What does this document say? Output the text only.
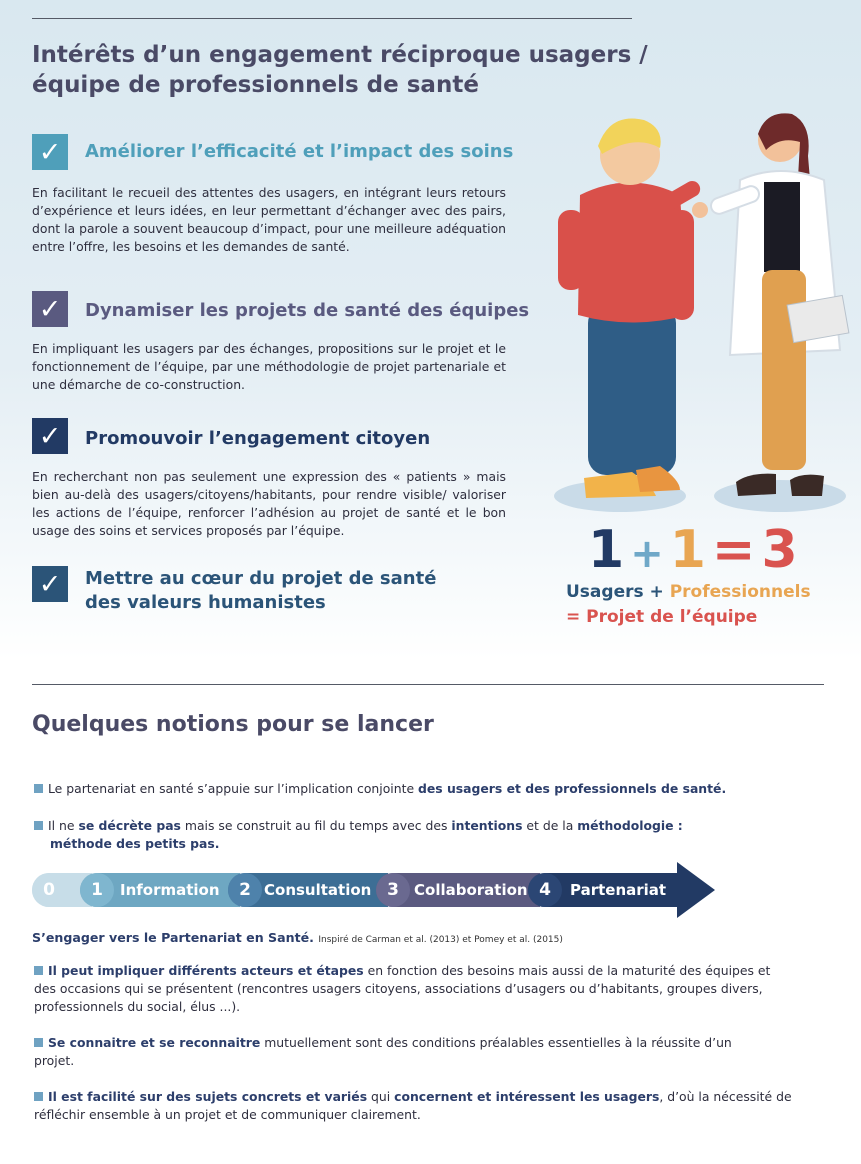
Intérêts d’un engagement réciproque usagers / équipe de professionnels de santé
✓	Améliorer l’efficacité et l’impact des soins
En facilitant le recueil des attentes des usagers, en intégrant leurs retours d’expérience et leurs idées, en leur permettant d’échanger avec des pairs, dont la parole a souvent beaucoup d’impact, pour une meilleure adéquation entre l’offre, les besoins et les demandes de santé.
✓	Dynamiser les projets de santé des équipes
En impliquant les usagers par des échanges, propositions sur le projet et le fonctionnement de l’équipe, par une méthodologie de projet partenariale et une démarche de co-construction.
✓	Promouvoir l’engagement citoyen
En recherchant non pas seulement une expression des « patients » mais bien au-delà des usagers/citoyens/habitants, pour rendre visible/ valoriser les actions de l’équipe, renforcer l’adhésion au projet de santé et le bon usage des soins et services proposés par l’équipe.
✓	Mettre au cœur du projet de santé
des valeurs humanistes
1+1=3
Usagers + Professionnels
= Projet de l’équipe
Quelques notions pour se lancer
Le partenariat en santé s’appuie sur l’implication conjointe des usagers et des professionnels de santé.
Il ne se décrète pas mais se construit au fil du temps avec des intentions et de la méthodologie :
méthode des petits pas.
0	1	Information	2 Consultation 3	Collaboration 4	Partenariat
S’engager vers le Partenariat en Santé. Inspiré de Carman et al. (2013) et Pomey et al. (2015)
Il peut impliquer différents acteurs et étapes en fonction des besoins mais aussi de la maturité des équipes et des occasions qui se présentent (rencontres usagers citoyens, associations d’usagers ou d’habitants, groupes divers, professionnels du social, élus ...).
Se connaitre et se reconnaitre mutuellement sont des conditions préalables essentielles à la réussite d’un projet.
Il est facilité sur des sujets concrets et variés qui concernent et intéressent les usagers, d’où la nécessité de réfléchir ensemble à un projet et de communiquer clairement.
